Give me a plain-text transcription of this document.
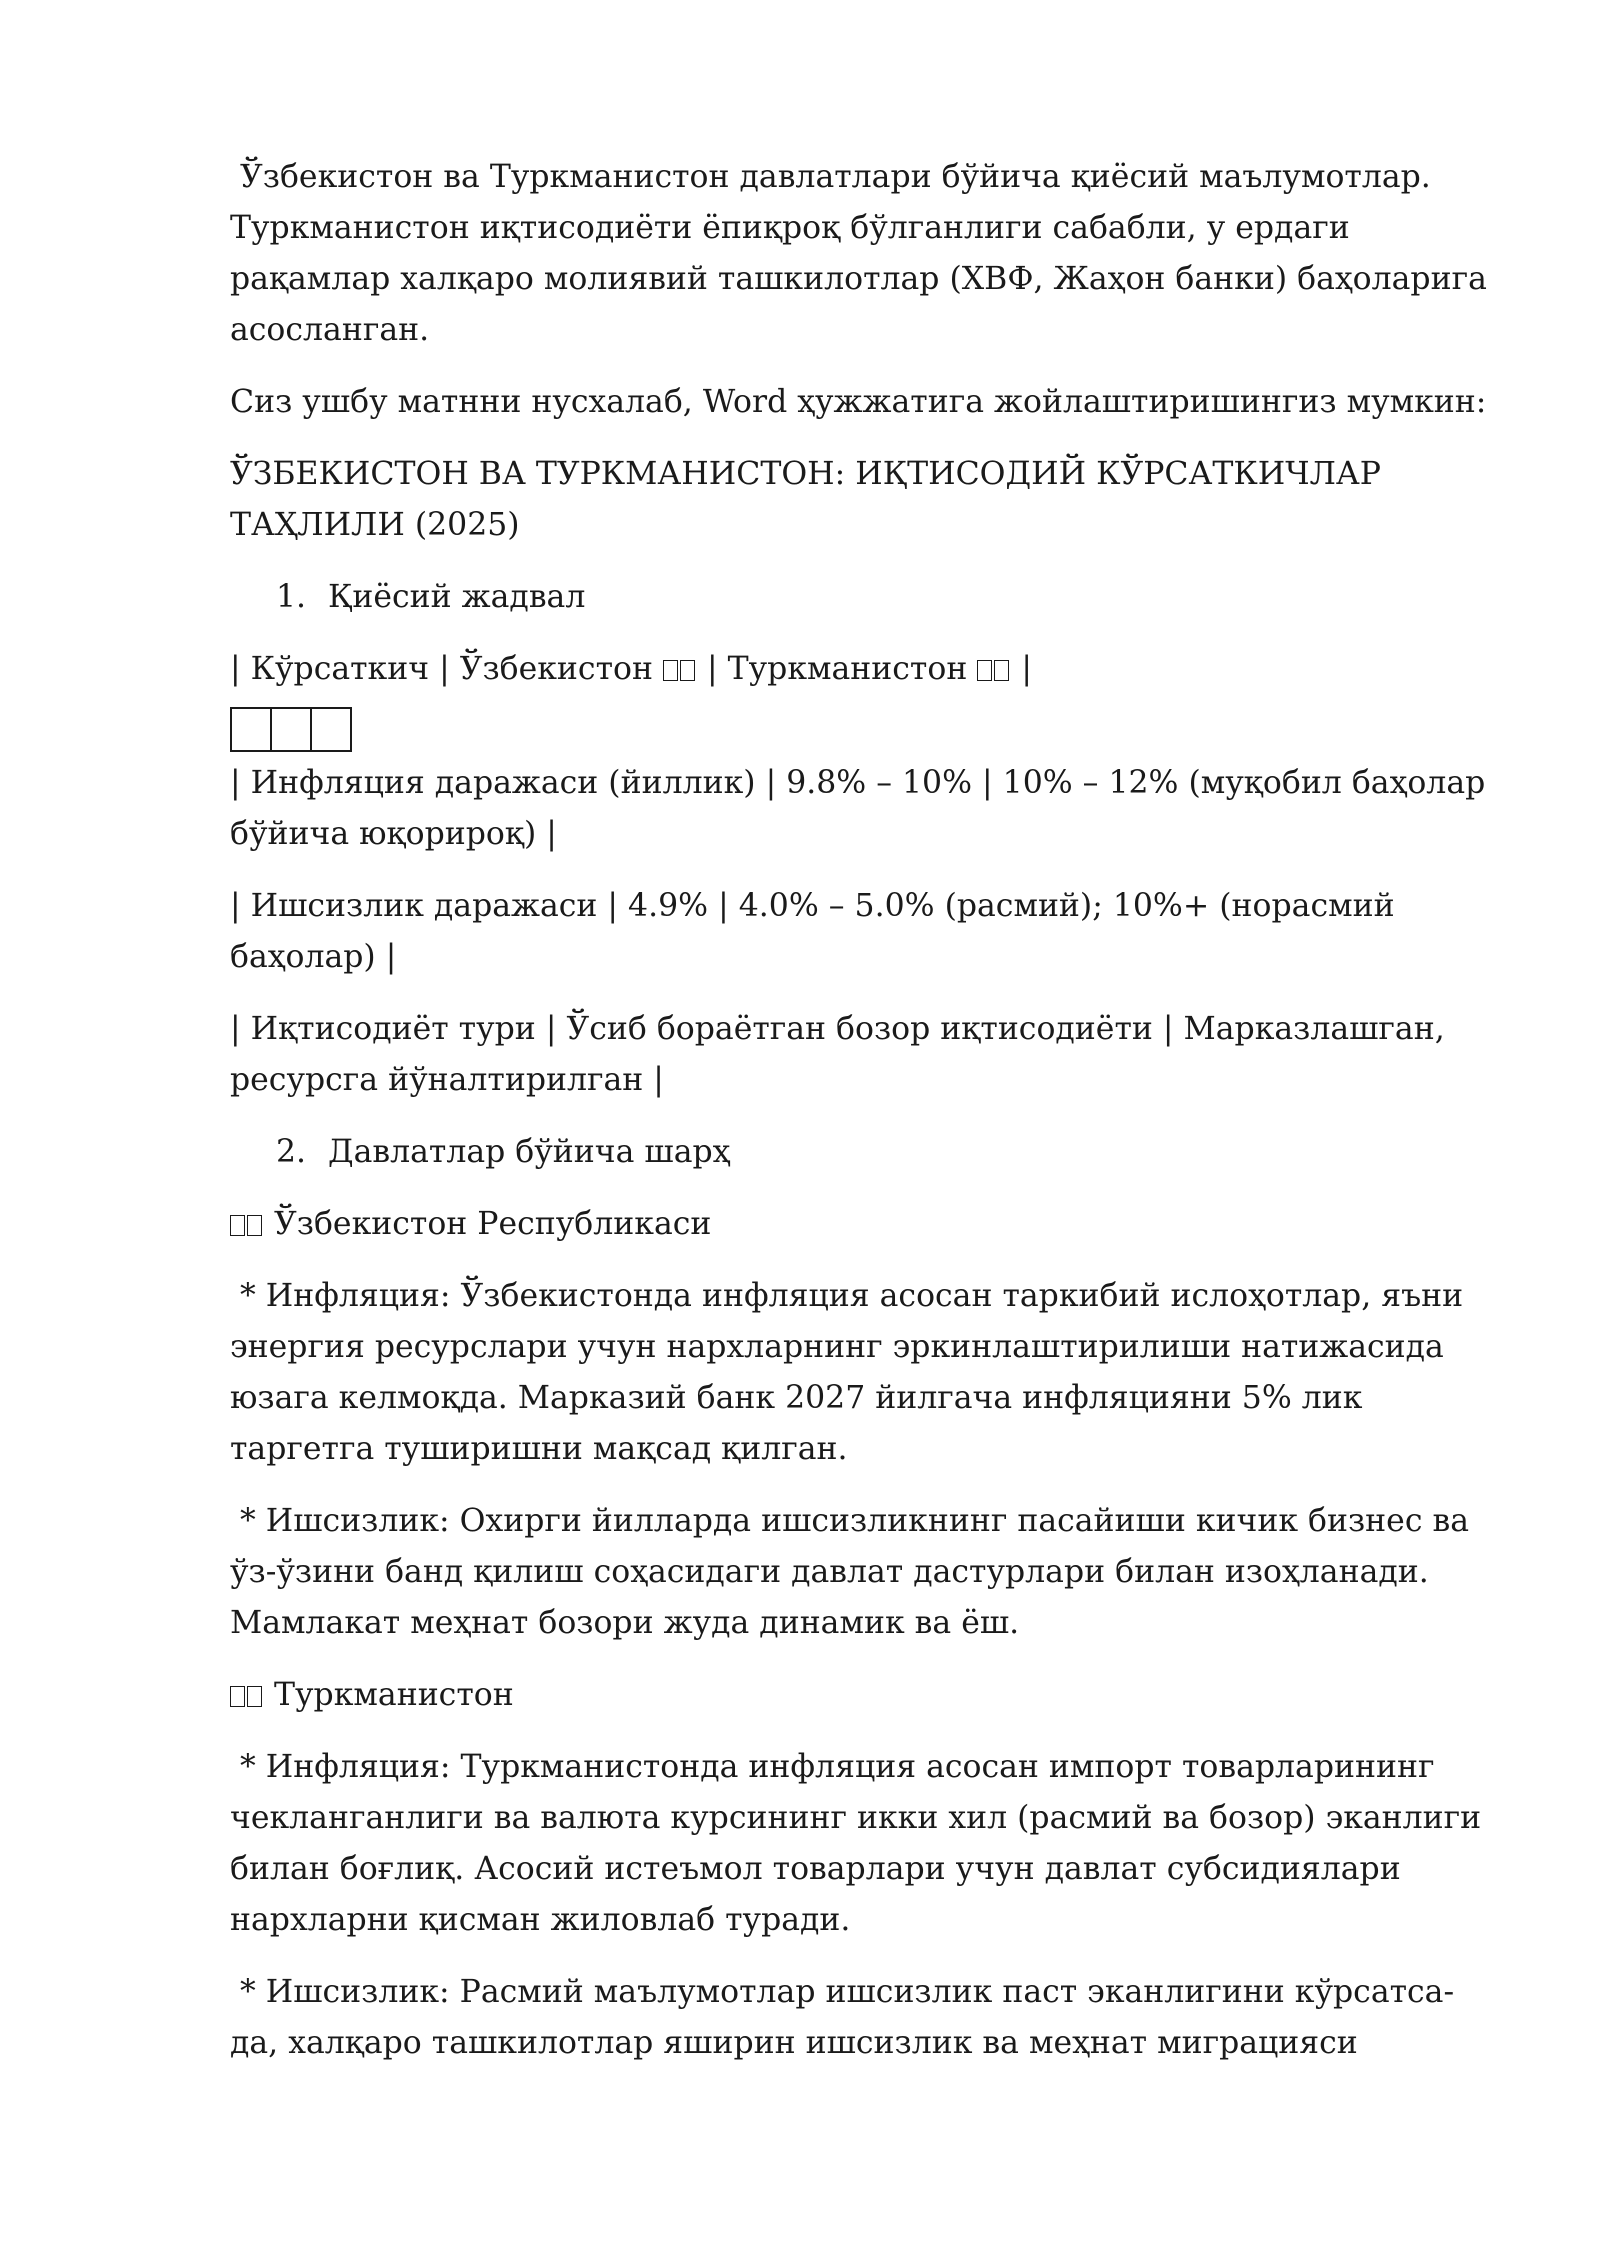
Ўзбекистон ва Туркманистон давлатлари бўйича қиёсий маълумотлар. Туркманистон иқтисодиёти ёпиқроқ бўлганлиги сабабли, у ердаги рақамлар халқаро молиявий ташкилотлар (ХВФ, Жаҳон банки) баҳоларига асосланган.

Сиз ушбу матнни нусхалаб, Word ҳужжатига жойлаштиришингиз мумкин:

ЎЗБЕКИСТОН ВА ТУРКМАНИСТОН: ИҚТИСОДИЙ КЎРСАТКИЧЛАР ТАҲЛИЛИ (2025)

1. Қиёсий жадвал

| Кўрсаткич | Ўзбекистон | Туркманистон |

| Инфляция даражаси (йиллик) | 9.8% – 10% | 10% – 12% (муқобил баҳолар бўйича юқорироқ) |

| Ишсизлик даражаси | 4.9% | 4.0% – 5.0% (расмий); 10%+ (норасмий баҳолар) |

| Иқтисодиёт тури | Ўсиб бораётган бозор иқтисодиёти | Марказлашган, ресурсга йўналтирилган |

2. Давлатлар бўйича шарҳ

Ўзбекистон Республикаси

* Инфляция: Ўзбекистонда инфляция асосан таркибий ислоҳотлар, яъни энергия ресурслари учун нархларнинг эркинлаштирилиши натижасида юзага келмоқда. Марказий банк 2027 йилгача инфляцияни 5% лик таргетга туширишни мақсад қилган.

* Ишсизлик: Охирги йилларда ишсизликнинг пасайиши кичик бизнес ва ўз-ўзини банд қилиш соҳасидаги давлат дастурлари билан изоҳланади. Мамлакат меҳнат бозори жуда динамик ва ёш.

Туркманистон

* Инфляция: Туркманистонда инфляция асосан импорт товарларининг чекланганлиги ва валюта курсининг икки хил (расмий ва бозор) эканлиги билан боғлиқ. Асосий истеъмол товарлари учун давлат субсидиялари нархларни қисман жиловлаб туради.

* Ишсизлик: Расмий маълумотлар ишсизлик паст эканлигини кўрсатса-да, халқаро ташкилотлар яширин ишсизлик ва меҳнат миграцияси
